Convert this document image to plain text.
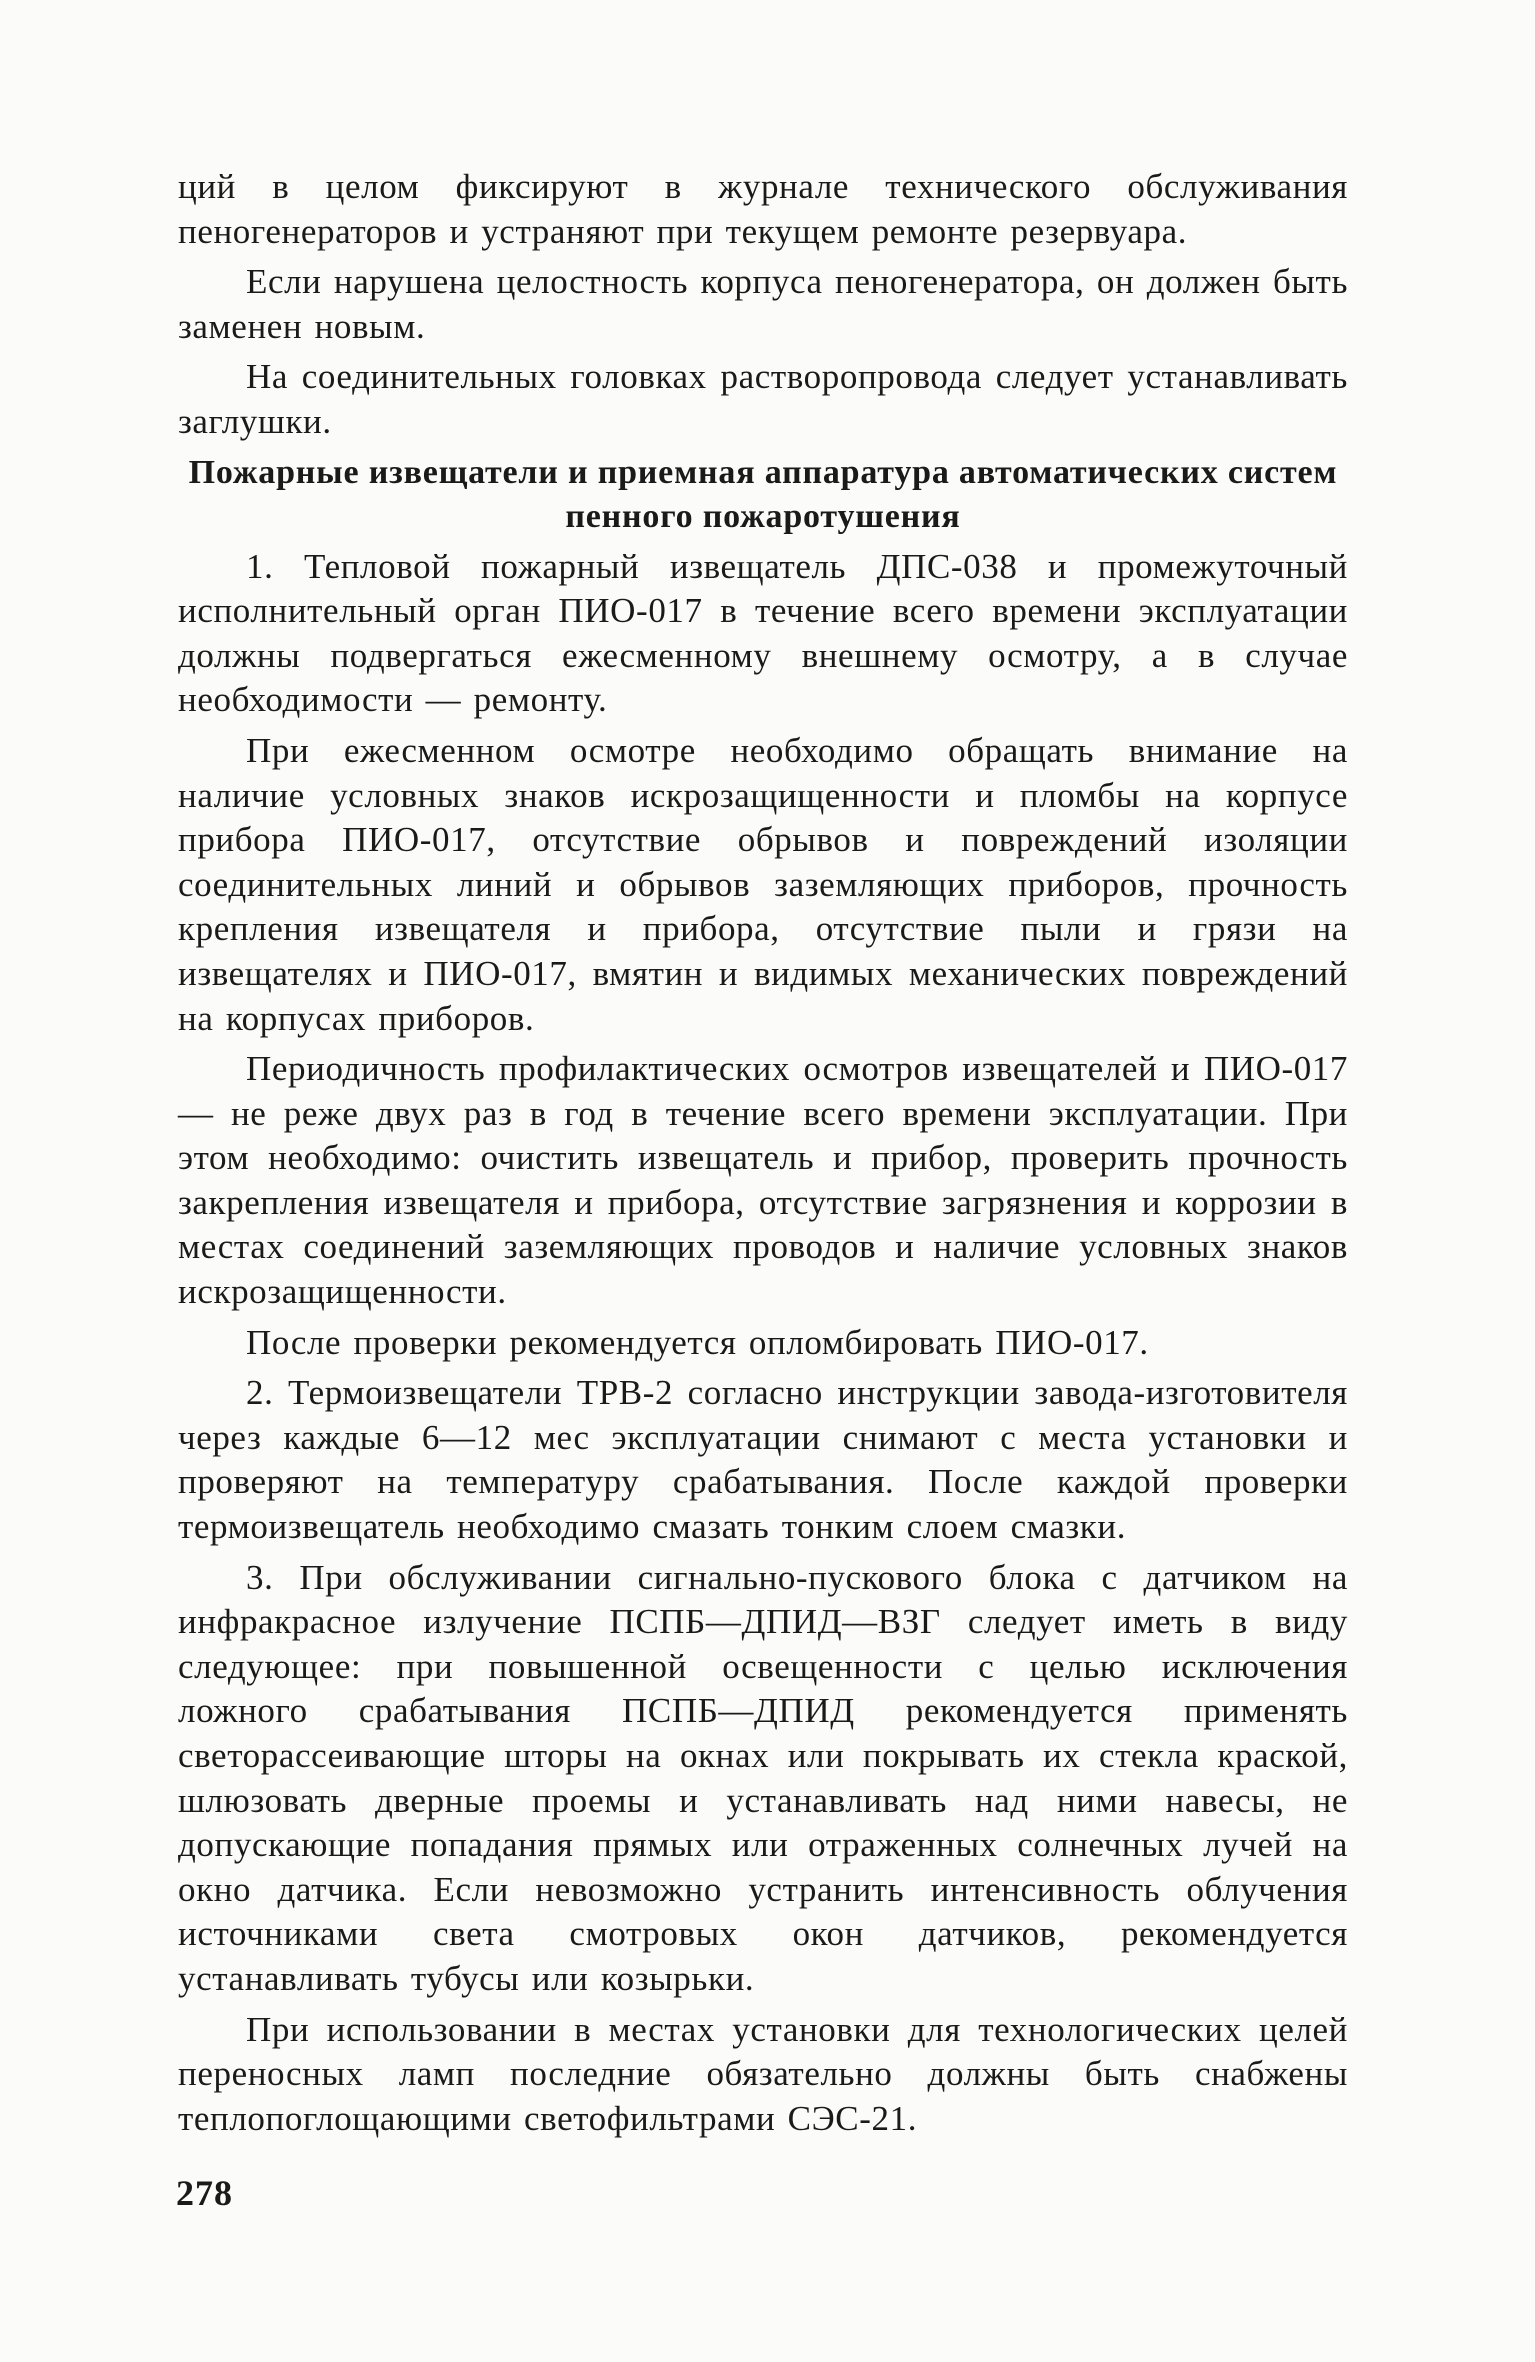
ций в целом фиксируют в журнале технического обслуживания пеногенераторов и устраняют при текущем ремонте резервуара.

Если нарушена целостность корпуса пеногенератора, он должен быть заменен новым.

На соединительных головках растворопровода следует устанавливать заглушки.

Пожарные извещатели и приемная аппаратура автоматических систем пенного пожаротушения

1. Тепловой пожарный извещатель ДПС-038 и промежуточный исполнительный орган ПИО-017 в течение всего времени эксплуатации должны подвергаться ежесменному внешнему осмотру, а в случае необходимости — ремонту.

При ежесменном осмотре необходимо обращать внимание на наличие условных знаков искрозащищенности и пломбы на корпусе прибора ПИО-017, отсутствие обрывов и повреждений изоляции соединительных линий и обрывов заземляющих приборов, прочность крепления извещателя и прибора, отсутствие пыли и грязи на извещателях и ПИО-017, вмятин и видимых механических повреждений на корпусах приборов.

Периодичность профилактических осмотров извещателей и ПИО-017 — не реже двух раз в год в течение всего времени эксплуатации. При этом необходимо: очистить извещатель и прибор, проверить прочность закрепления извещателя и прибора, отсутствие загрязнения и коррозии в местах соединений заземляющих проводов и наличие условных знаков искрозащищенности.

После проверки рекомендуется опломбировать ПИО-017.

2. Термоизвещатели ТРВ-2 согласно инструкции завода-изготовителя через каждые 6—12 мес эксплуатации снимают с места установки и проверяют на температуру срабатывания. После каждой проверки термоизвещатель необходимо смазать тонким слоем смазки.

3. При обслуживании сигнально-пускового блока с датчиком на инфракрасное излучение ПСПБ—ДПИД—ВЗГ следует иметь в виду следующее: при повышенной освещенности с целью исключения ложного срабатывания ПСПБ—ДПИД рекомендуется применять светорассеивающие шторы на окнах или покрывать их стекла краской, шлюзовать дверные проемы и устанавливать над ними навесы, не допускающие попадания прямых или отраженных солнечных лучей на окно датчика. Если невозможно устранить интенсивность облучения источниками света смотровых окон датчиков, рекомендуется устанавливать тубусы или козырьки.

При использовании в местах установки для технологических целей переносных ламп последние обязательно должны быть снабжены теплопоглощающими светофильтрами СЭС-21.

278
